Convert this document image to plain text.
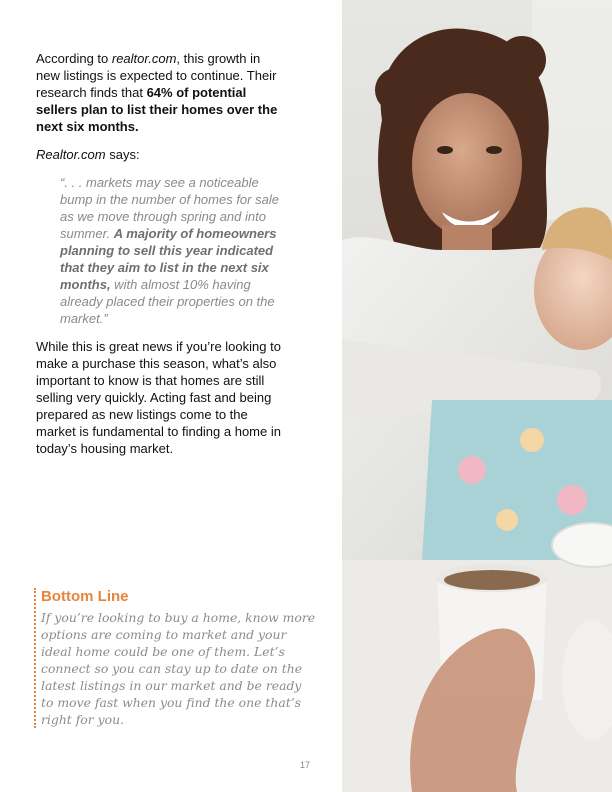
According to realtor.com, this growth in new listings is expected to continue. Their research finds that 64% of potential sellers plan to list their homes over the next six months.

Realtor.com says:

“. . . markets may see a noticeable bump in the number of homes for sale as we move through spring and into summer. A majority of homeowners planning to sell this year indicated that they aim to list in the next six months, with almost 10% having already placed their properties on the market.”

While this is great news if you’re looking to make a purchase this season, what’s also important to know is that homes are still selling very quickly. Acting fast and being prepared as new listings come to the market is fundamental to finding a home in today’s housing market.

Bottom Line

If you’re looking to buy a home, know more options are coming to market and your ideal home could be one of them. Let’s connect so you can stay up to date on the latest listings in our market and be ready to move fast when you find the one that’s right for you.

17
